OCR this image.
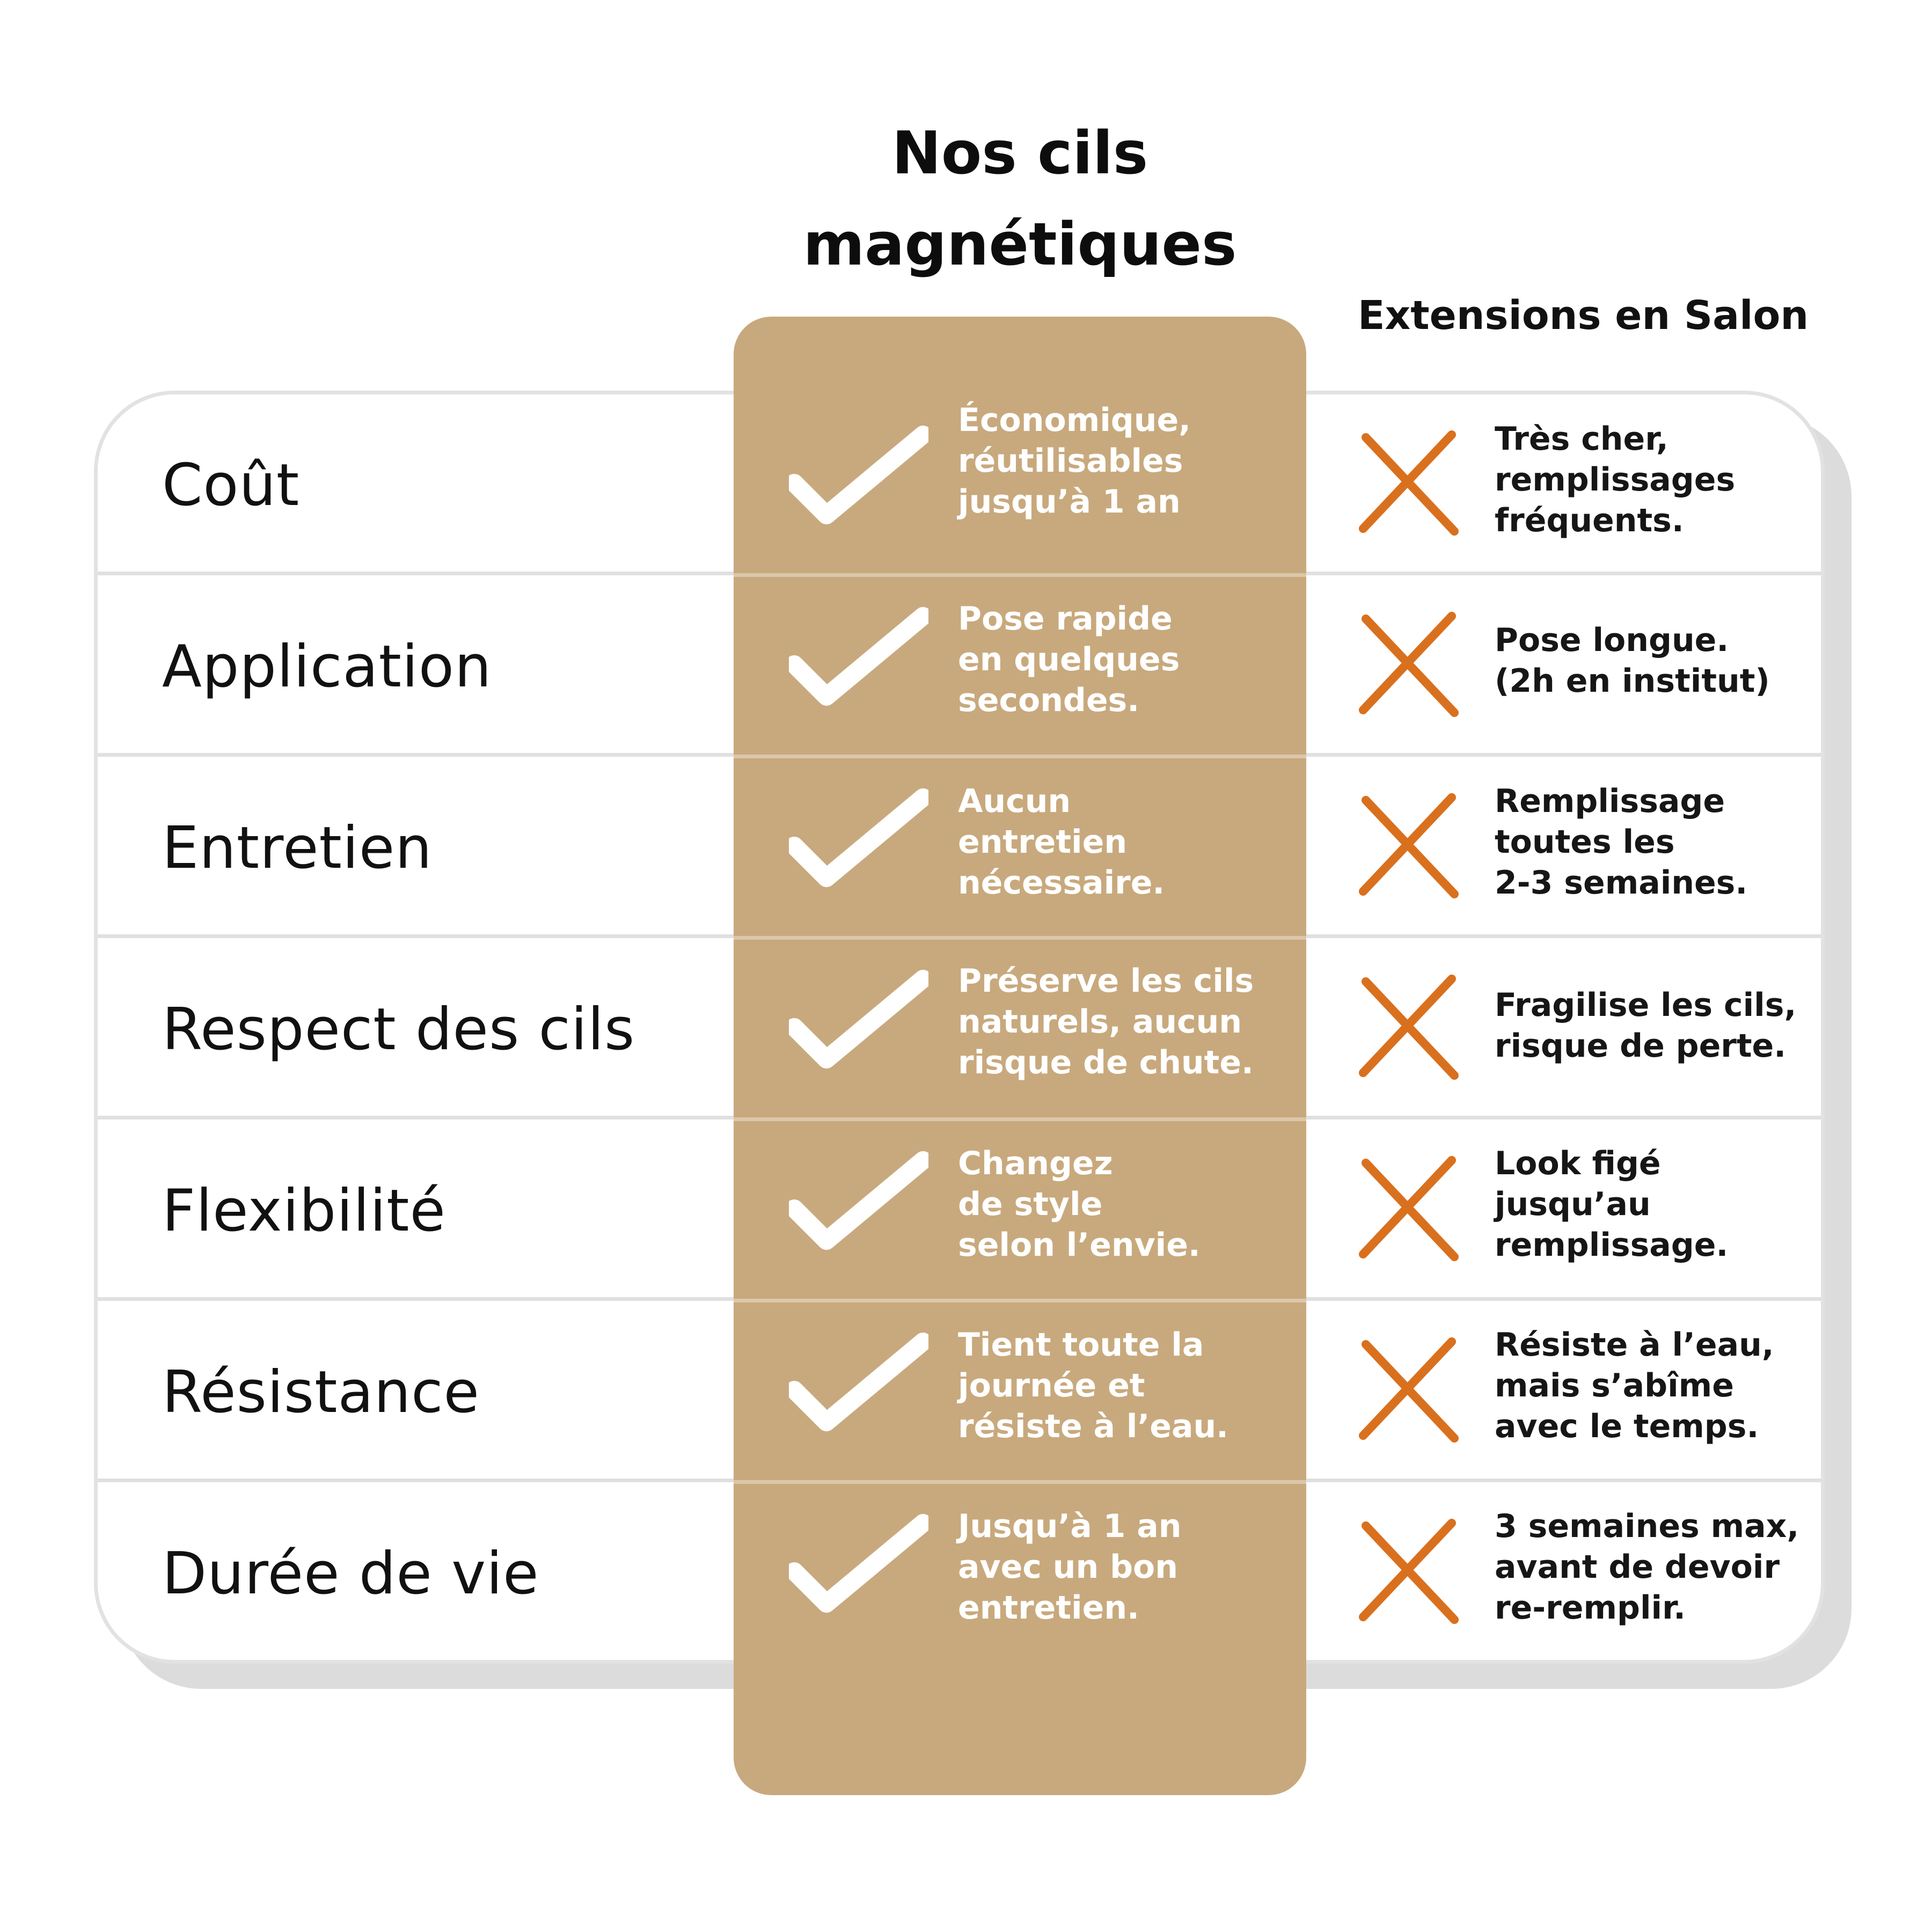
Coût
Application
Entretien
Respect des cils
Flexibilité
Résistance
Durée de vie
Nos cils
magnétiques
Extensions en Salon
Économique,
réutilisables
jusqu’à 1 an
Pose rapide
en quelques
secondes.
Aucun
entretien
nécessaire.
Préserve les cils
naturels, aucun
risque de chute.
Changez
de style
selon l’envie.
Tient toute la
journée et
résiste à l’eau.
Jusqu’à 1 an
avec un bon
entretien.
Très cher,
remplissages
fréquents.
Pose longue.
(2h en institut)
Remplissage
toutes les
2-3 semaines.
Fragilise les cils,
risque de perte.
Look figé
jusqu’au
remplissage.
Résiste à l’eau,
mais s’abîme
avec le temps.
3 semaines max,
avant de devoir
re-remplir.
